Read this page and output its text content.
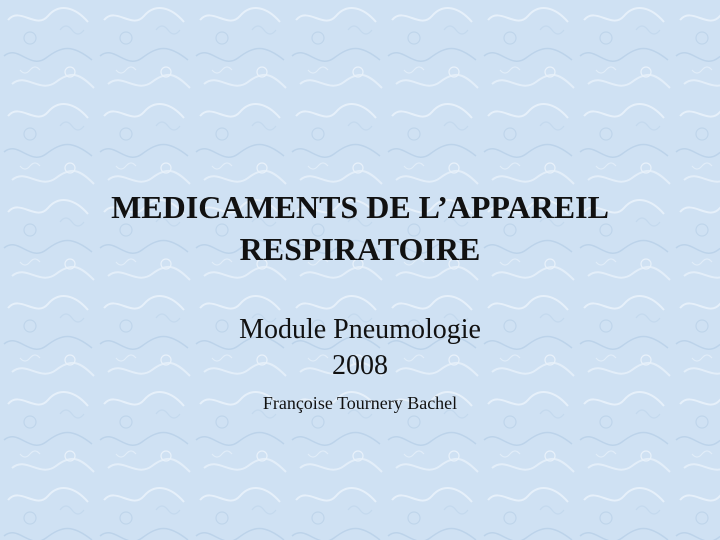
MEDICAMENTS DE L’APPAREIL
RESPIRATOIRE
Module Pneumologie
2008
Françoise Tournery Bachel
